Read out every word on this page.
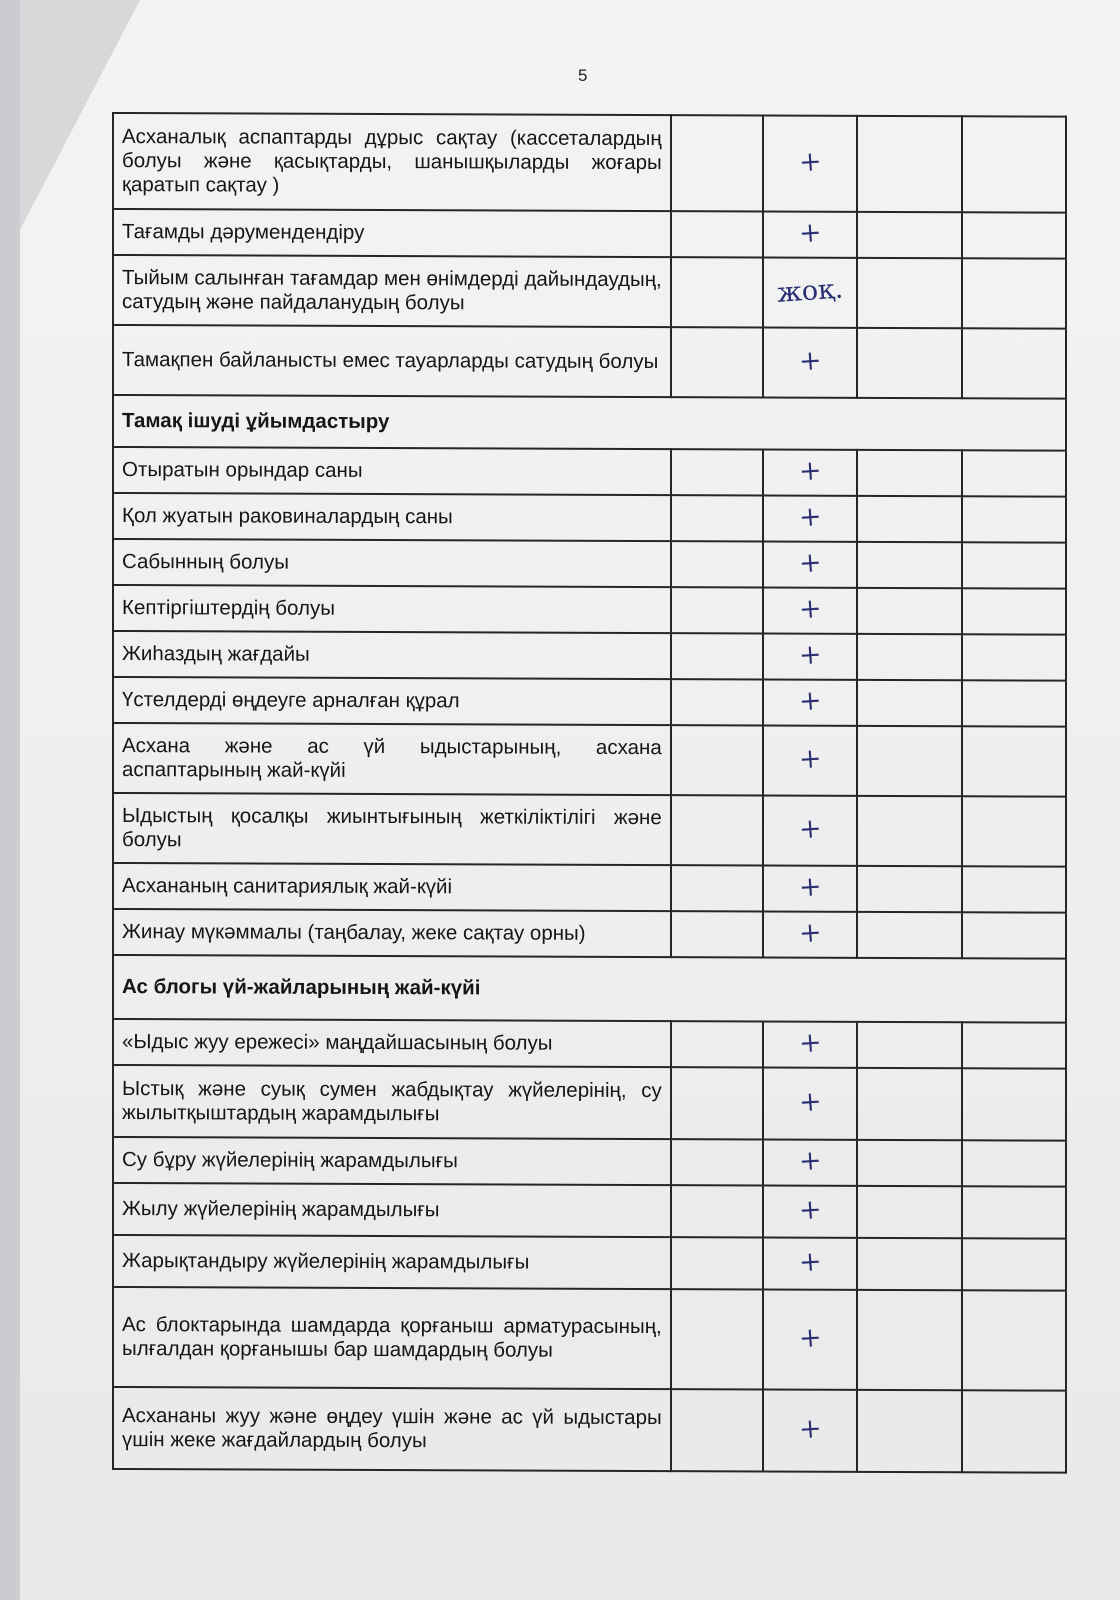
5
Асханалық аспаптарды дұрыс сақтау (кассеталардың болуы және қасықтарды, шанышқыларды жоғары қаратып сақтау )		+		
Тағамды дәрумендендіру		+		
Тыйым салынған тағамдар мен өнімдерді дайындаудың, сатудың және пайдаланудың болуы		жоқ.		
Тамақпен байланысты емес тауарларды сатудың болуы		+		
Тамақ ішуді ұйымдастыру				
Отыратын орындар саны		+		
Қол жуатын раковиналардың саны		+		
Сабынның болуы		+		
Кептіргіштердің болуы		+		
Жиһаздың жағдайы		+		
Үстелдерді өңдеуге арналған құрал		+		
Асхана және ас үй ыдыстарының, асхана аспаптарының жай-күйі		+		
Ыдыстың қосалқы жиынтығының жеткіліктілігі және болуы		+		
Асхананың санитариялық жай-күйі		+		
Жинау мүкәммалы (таңбалау, жеке сақтау орны)		+		
Ас блогы үй-жайларының жай-күйі				
«Ыдыс жуу ережесі» маңдайшасының болуы		+		
Ыстық және суық сумен жабдықтау жүйелерінің, су жылытқыштардың жарамдылығы		+		
Су бұру жүйелерінің жарамдылығы		+		
Жылу жүйелерінің жарамдылығы		+		
Жарықтандыру жүйелерінің жарамдылығы		+		
Ас блоктарында шамдарда қорғаныш арматурасының, ылғалдан қорғанышы бар шамдардың болуы		+		
Асхананы жуу және өңдеу үшін және ас үй ыдыстары үшін жеке жағдайлардың болуы		+		
